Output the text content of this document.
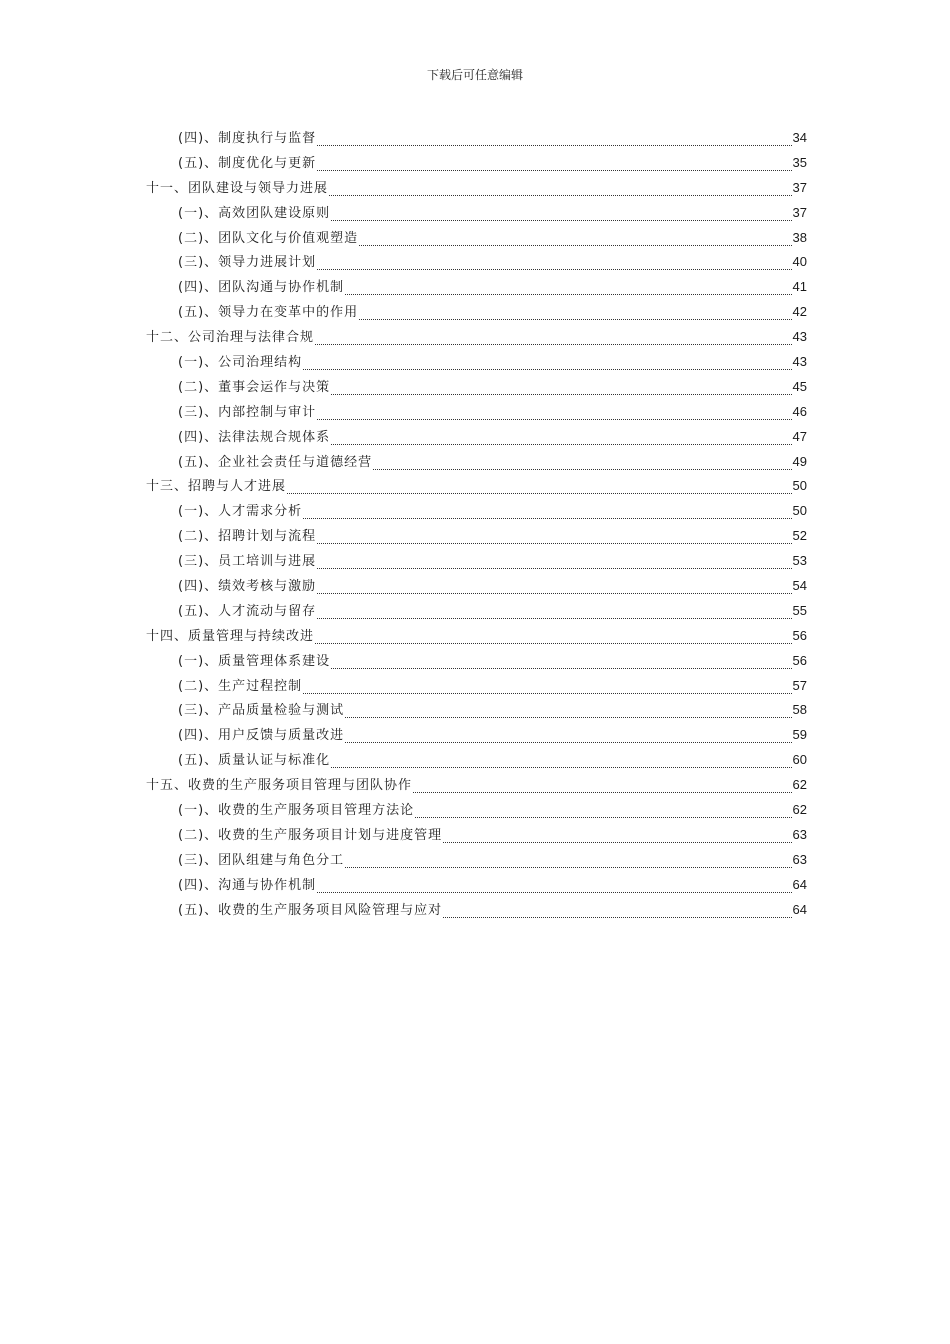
下载后可任意编辑
(四)、制度执行与监督	34
(五)、制度优化与更新	35
十一、团队建设与领导力进展	37
(一)、高效团队建设原则	37
(二)、团队文化与价值观塑造	38
(三)、领导力进展计划	40
(四)、团队沟通与协作机制	41
(五)、领导力在变革中的作用	42
十二、公司治理与法律合规	43
(一)、公司治理结构	43
(二)、董事会运作与决策	45
(三)、内部控制与审计	46
(四)、法律法规合规体系	47
(五)、企业社会责任与道德经营	49
十三、招聘与人才进展	50
(一)、人才需求分析	50
(二)、招聘计划与流程	52
(三)、员工培训与进展	53
(四)、绩效考核与激励	54
(五)、人才流动与留存	55
十四、质量管理与持续改进	56
(一)、质量管理体系建设	56
(二)、生产过程控制	57
(三)、产品质量检验与测试	58
(四)、用户反馈与质量改进	59
(五)、质量认证与标准化	60
十五、收费的生产服务项目管理与团队协作	62
(一)、收费的生产服务项目管理方法论	62
(二)、收费的生产服务项目计划与进度管理	63
(三)、团队组建与角色分工	63
(四)、沟通与协作机制	64
(五)、收费的生产服务项目风险管理与应对	64
